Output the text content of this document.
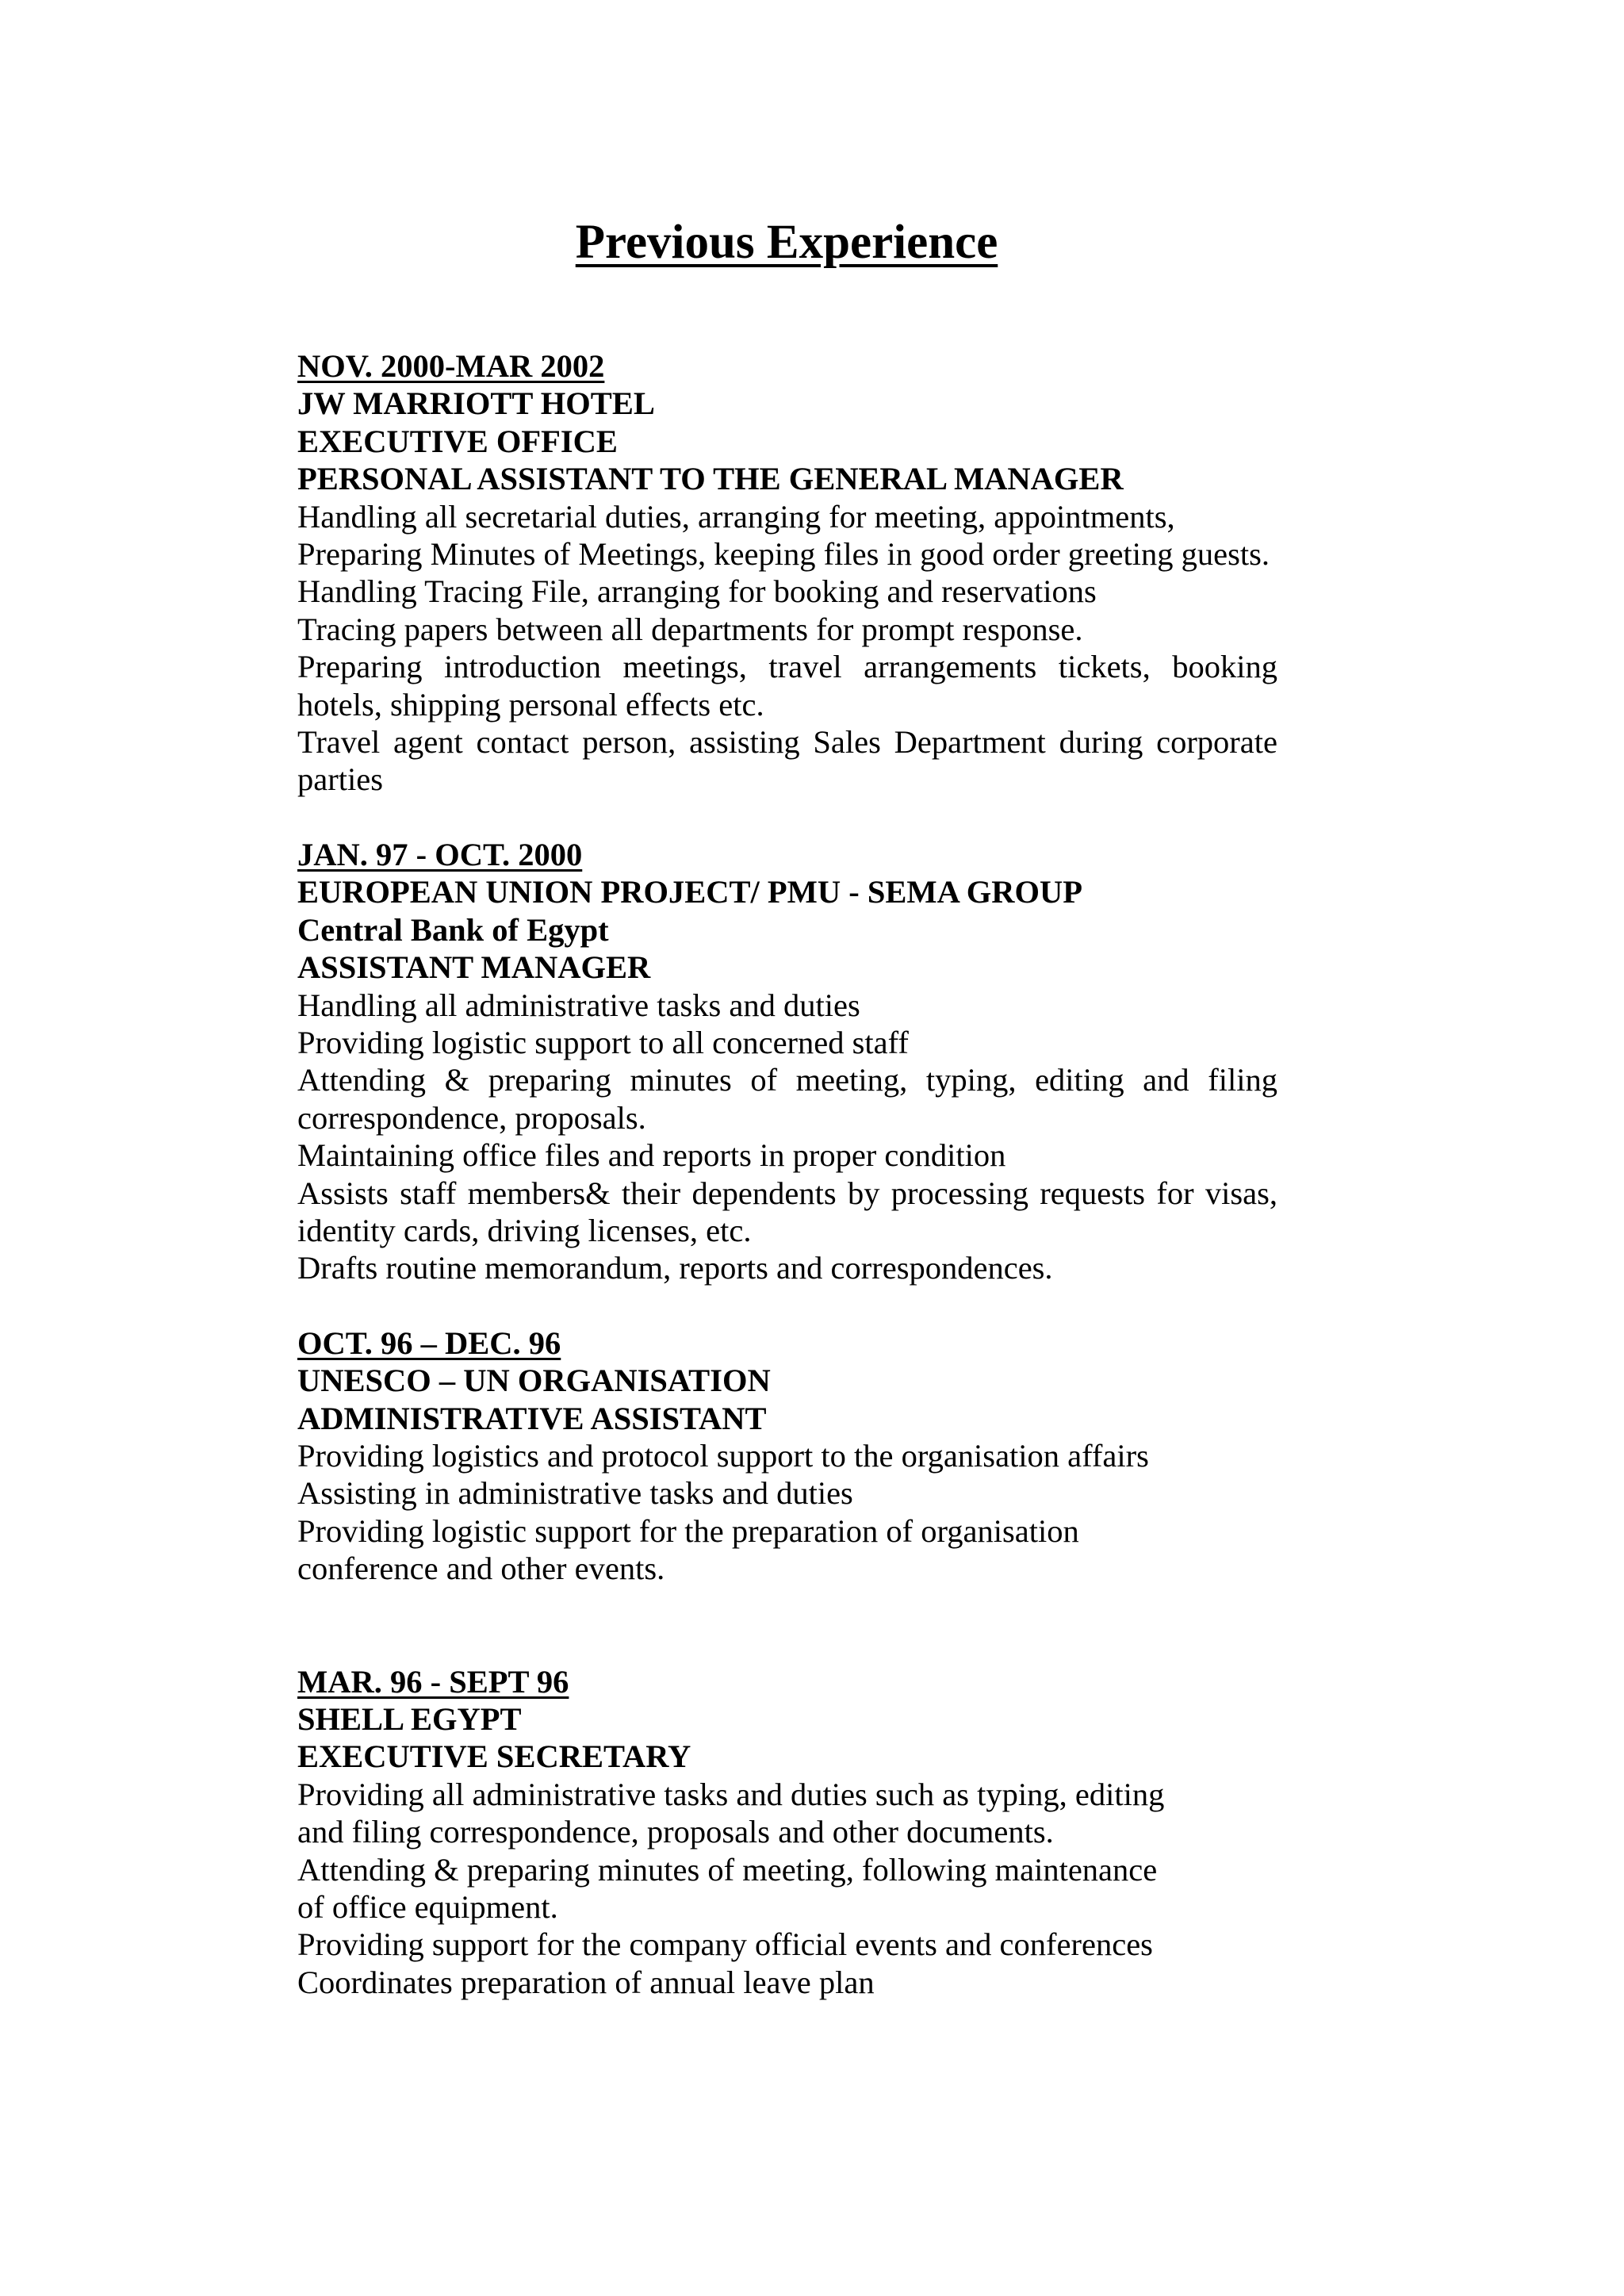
Previous Experience
NOV. 2000-MAR 2002
JW MARRIOTT HOTEL
EXECUTIVE OFFICE
PERSONAL ASSISTANT TO THE GENERAL MANAGER
Handling all secretarial duties, arranging for meeting, appointments,
Preparing Minutes of Meetings, keeping files in good order greeting guests.
Handling Tracing File, arranging for booking and reservations
Tracing papers between all departments for prompt response.
Preparing introduction meetings, travel arrangements tickets, booking hotels, shipping personal effects etc.
Travel agent contact person, assisting Sales Department during corporate parties
JAN. 97 - OCT. 2000
EUROPEAN UNION PROJECT/ PMU - SEMA GROUP
Central Bank of Egypt
ASSISTANT MANAGER
Handling all administrative tasks and duties
Providing logistic support to all concerned staff
Attending & preparing minutes of meeting, typing, editing and filing correspondence, proposals.
Maintaining office files and reports in proper condition
Assists staff members& their dependents by processing requests for visas, identity cards, driving licenses, etc.
Drafts routine memorandum, reports and correspondences.
OCT. 96 – DEC. 96
UNESCO – UN ORGANISATION
ADMINISTRATIVE ASSISTANT
Providing logistics and protocol support to the organisation affairs
Assisting in administrative tasks and duties
Providing logistic support for the preparation of organisation
conference and other events.
MAR. 96 - SEPT 96
SHELL EGYPT
EXECUTIVE SECRETARY
Providing all administrative tasks and duties such as typing, editing
and filing correspondence, proposals and other documents.
Attending & preparing minutes of meeting, following maintenance
of office equipment.
Providing support for the company official events and conferences
Coordinates preparation of annual leave plan
